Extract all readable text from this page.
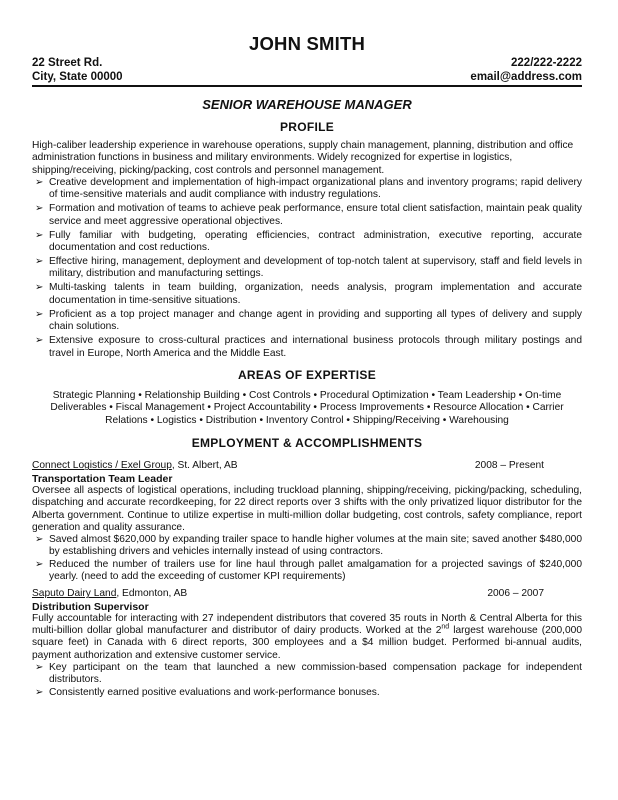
JOHN SMITH
22 Street Rd.
City, State 00000
222/222-2222
email@address.com
SENIOR WAREHOUSE MANAGER
PROFILE

High-caliber leadership experience in warehouse operations, supply chain management, planning, distribution and office administration functions in business and military environments. Widely recognized for expertise in logistics, shipping/receiving, picking/packing, cost controls and personnel management.

➢ Creative development and implementation of high-impact organizational plans and inventory programs; rapid delivery of time-sensitive materials and audit compliance with industry regulations.
➢ Formation and motivation of teams to achieve peak performance, ensure total client satisfaction, maintain peak quality service and meet aggressive operational objectives.
➢ Fully familiar with budgeting, operating efficiencies, contract administration, executive reporting, accurate documentation and cost reductions.
➢ Effective hiring, management, deployment and development of top-notch talent at supervisory, staff and field levels in military, distribution and manufacturing settings.
➢ Multi-tasking talents in team building, organization, needs analysis, program implementation and accurate documentation in time-sensitive situations.
➢ Proficient as a top project manager and change agent in providing and supporting all types of delivery and supply chain solutions.
➢ Extensive exposure to cross-cultural practices and international business protocols through military postings and travel in Europe, North America and the Middle East.
AREAS OF EXPERTISE
Strategic Planning • Relationship Building • Cost Controls • Procedural Optimization • Team Leadership • On-time Deliverables • Fiscal Management • Project Accountability • Process Improvements • Resource Allocation • Carrier Relations • Logistics • Distribution • Inventory Control • Shipping/Receiving • Warehousing
EMPLOYMENT & ACCOMPLISHMENTS
Connect Logistics / Exel Group, St. Albert, AB	2008 – Present
Transportation Team Leader

Oversee all aspects of logistical operations, including truckload planning, shipping/receiving, picking/packing, scheduling, dispatching and accurate recordkeeping, for 22 direct reports over 3 shifts with the only privatized liquor distributor for the Alberta government. Continue to utilize expertise in multi-million dollar budgeting, cost controls, safety compliance, report generation and quality assurance.

➢ Saved almost $620,000 by expanding trailer space to handle higher volumes at the main site; saved another $480,000 by establishing drivers and vehicles internally instead of using contractors.
➢ Reduced the number of trailers use for line haul through pallet amalgamation for a projected savings of $240,000 yearly. (need to add the exceeding of customer KPI requirements)
Saputo Dairy Land, Edmonton, AB	2006 – 2007
Distribution Supervisor

Fully accountable for interacting with 27 independent distributors that covered 35 routs in North & Central Alberta for this multi-billion dollar global manufacturer and distributor of dairy products. Worked at the 2nd largest warehouse (200,000 square feet) in Canada with 6 direct reports, 300 employees and a $4 million budget. Performed bi-annual audits, payment authorization and extensive customer service.

➢ Key participant on the team that launched a new commission-based compensation package for independent distributors.
➢ Consistently earned positive evaluations and work-performance bonuses.
